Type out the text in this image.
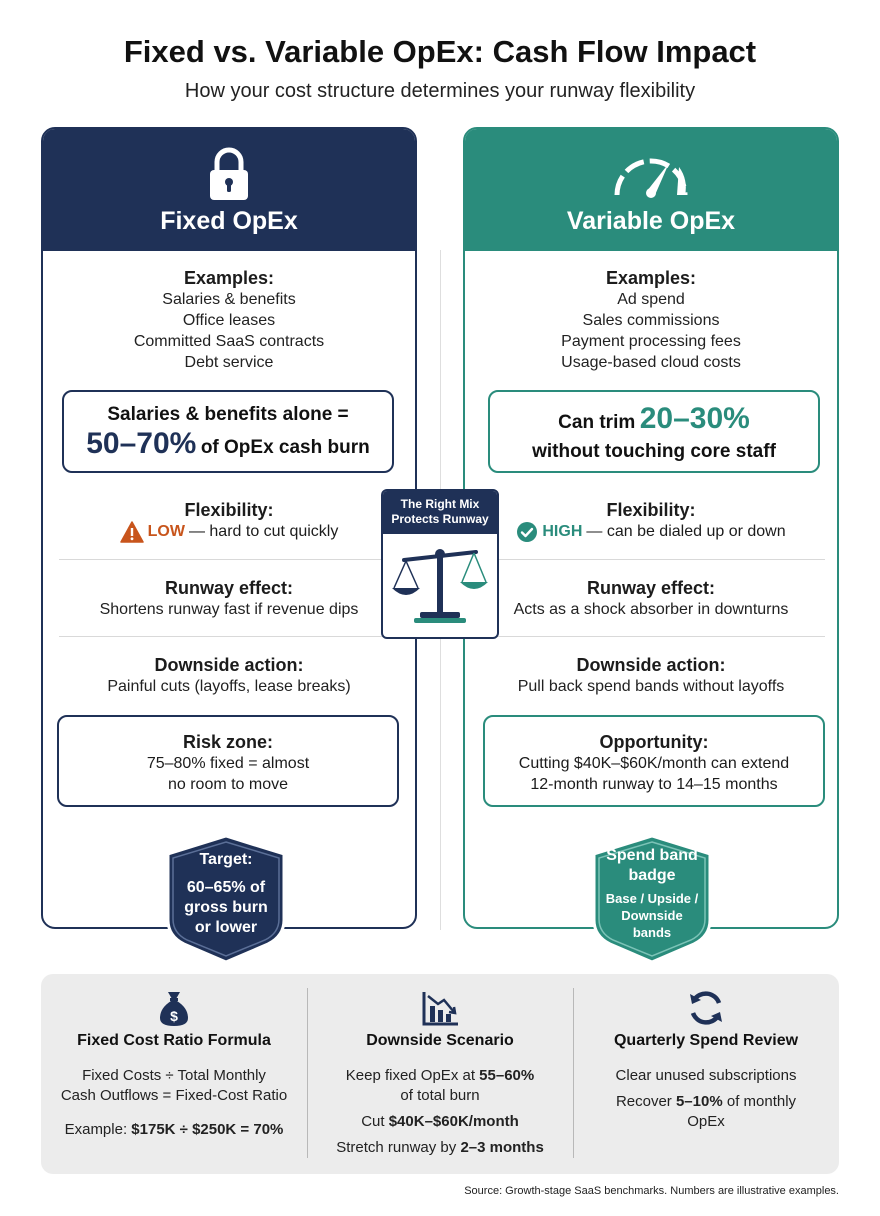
Fixed vs. Variable OpEx: Cash Flow Impact
How your cost structure determines your runway flexibility
Fixed OpEx
Examples:
Salaries & benefits
Office leases
Committed SaaS contracts
Debt service
Salaries & benefits alone =
50–70% of OpEx cash burn
Flexibility:
LOW — hard to cut quickly
Runway effect:
Shortens runway fast if revenue dips
Downside action:
Painful cuts (layoffs, lease breaks)
Risk zone:
75–80% fixed = almost
no room to move
Target:
60–65% of
gross burn
or lower
Variable OpEx
Examples:
Ad spend
Sales commissions
Payment processing fees
Usage-based cloud costs
Can trim 20–30%
without touching core staff
Flexibility:
HIGH — can be dialed up or down
Runway effect:
Acts as a shock absorber in downturns
Downside action:
Pull back spend bands without layoffs
Opportunity:
Cutting $40K–$60K/month can extend
12-month runway to 14–15 months
Spend band
badge
Base / Upside /
Downside
bands
The Right Mix
Protects Runway
$
Fixed Cost Ratio Formula
Fixed Costs ÷ Total Monthly
Cash Outflows = Fixed-Cost Ratio
Example: $175K ÷ $250K = 70%
Downside Scenario
Keep fixed OpEx at 55–60%
of total burn
Cut $40K–$60K/month
Stretch runway by 2–3 months
Quarterly Spend Review
Clear unused subscriptions
Recover 5–10% of monthly
OpEx
Source: Growth-stage SaaS benchmarks. Numbers are illustrative examples.
